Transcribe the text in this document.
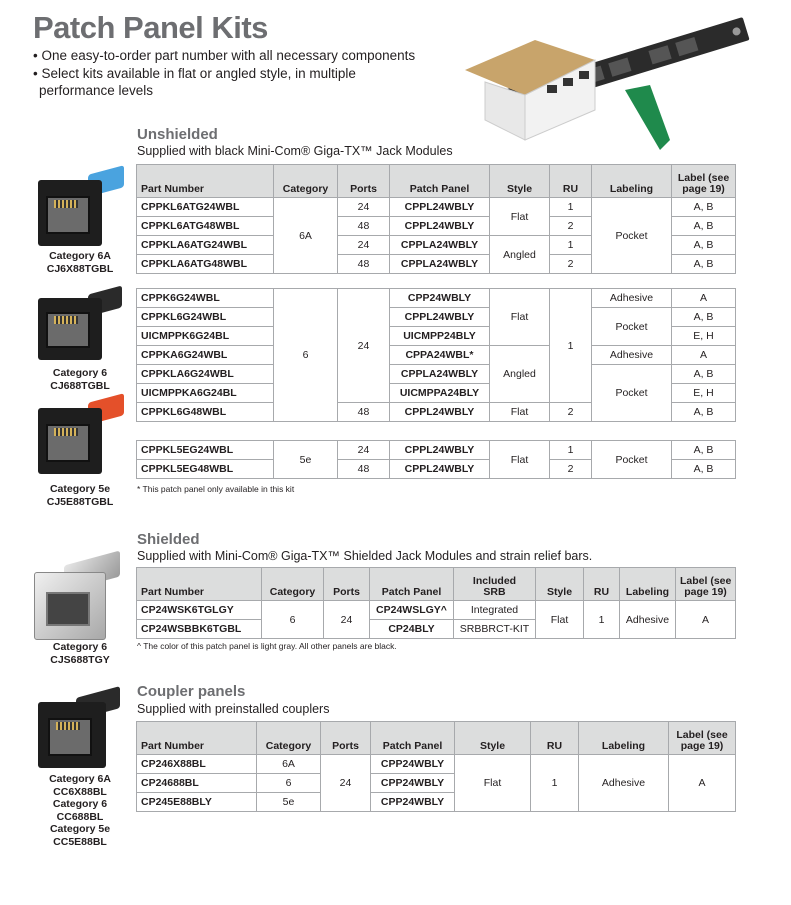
Patch Panel Kits
• One easy-to-order part number with all necessary components
• Select kits available in flat or angled style, in multiple
performance levels
Unshielded
Supplied with black Mini-Com® Giga-TX™ Jack Modules
Part Number	Category	Ports	Patch Panel	Style	RU	Labeling	Label (see
page 19)
CPPKL6ATG24WBL	6A	24	CPPL24WBLY	Flat	1	Pocket	A, B
CPPKL6ATG48WBL		48	CPPL24WBLY		2		A, B
CPPKLA6ATG24WBL		24	CPPLA24WBLY	Angled	1		A, B
CPPKLA6ATG48WBL		48	CPPLA24WBLY		2		A, B
CPPK6G24WBL	6	24	CPP24WBLY	Flat	1	Adhesive	A
CPPKL6G24WBL			CPPL24WBLY			Pocket	A, B
UICMPPK6G24BL			UICMPP24BLY				E, H
CPPKA6G24WBL			CPPA24WBL*	Angled		Adhesive	A
CPPKLA6G24WBL			CPPLA24WBLY			Pocket	A, B
UICMPPKA6G24BL			UICMPPA24BLY				E, H
CPPKL6G48WBL		48	CPPL24WBLY	Flat	2		A, B
CPPKL5EG24WBL	5e	24	CPPL24WBLY	Flat	1	Pocket	A, B
CPPKL5EG48WBL		48	CPPL24WBLY		2		A, B
* This patch panel only available in this kit
Shielded
Supplied with Mini-Com® Giga-TX™ Shielded Jack Modules and strain relief bars.
Part Number	Category	Ports	Patch Panel	Included
SRB	Style	RU	Labeling	Label (see
page 19)
CP24WSK6TGLGY	6	24	CP24WSLGY^	Integrated	Flat	1	Adhesive	A
CP24WSBBK6TGBL			CP24BLY	SRBBRCT-KIT				
^ The color of this patch panel is light gray. All other panels are black.
Coupler panels
Supplied with preinstalled couplers
Part Number	Category	Ports	Patch Panel	Style	RU	Labeling	Label (see
page 19)
CP246X88BL	6A	24	CPP24WBLY	Flat	1	Adhesive	A
CP24688BL	6		CPP24WBLY				
CP245E88BLY	5e		CPP24WBLY				
Category 6A
CJ6X88TGBL
Category 6
CJ688TGBL
Category 5e
CJ5E88TGBL
Category 6
CJS688TGY
Category 6A
CC6X88BL
Category 6
CC688BL
Category 5e
CC5E88BL
